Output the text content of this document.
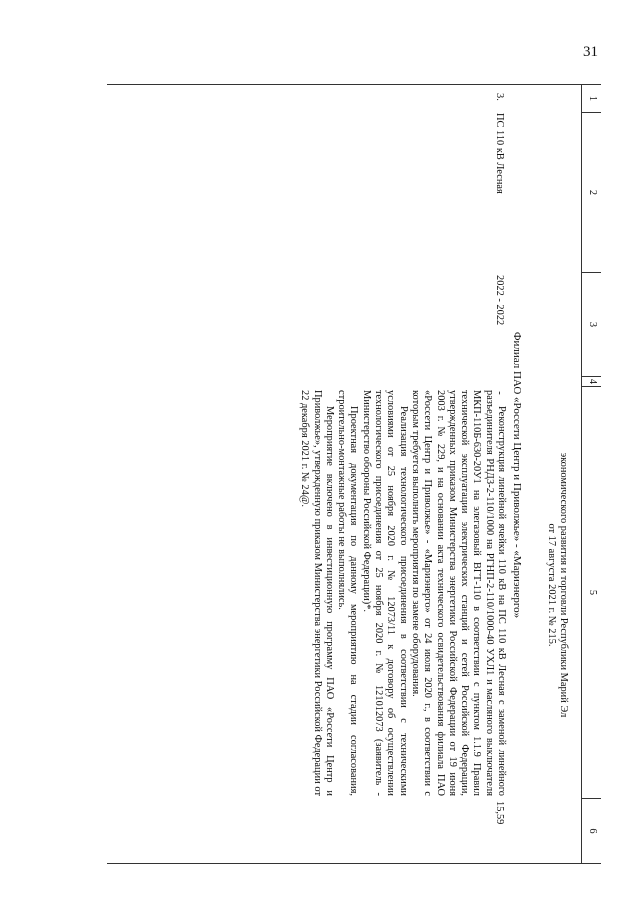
31
1
2
3
4
5
6
экономического развития и торговли Республики Марий Эл
от 17 августа 2021 г. № 215.
Филиал ПАО «Россети Центр и Приволжье» - «Мариэнерго»
3.
ПС 110 кВ Лесная
2022 - 2022
-

Реконструкция линейной ячейки 110 кВ на ПС 110 кВ Лесная с заменой линейного разъединителя РНДЗ-2-110/1000 на РГНП-2-110/1000-40 УХЛ1 и масляного выключателя МКП-110Б-630-20У1 на элегазовый ВГТ-110 в соответствии с пунктом 1.1.9 Правил технической эксплуатации электрических станций и сетей Российской Федерации, утвержденных приказом Министерства энергетики Российской Федерации от 19 июня 2003 г. № 229, и на основании акта технического освидетельствования филиала ПАО «Россети Центр и Приволжье» - «Мариэнерго» от 24 июля 2020 г., в соответствии с которым требуется выполнить мероприятия по замене оборудования.

Реализация технологического присоединения в соответствии с техническими условиями от 25 ноября 2020 г. № 12073/11 к договору об осуществлении технологического присоединения от 25 ноября 2020 г. № 121012073 (заявитель - Министерство обороны Российской Федерации)*.

Проектная документация по данному мероприятию на стадии согласования, строительно-монтажные работы не выполнялись.

Мероприятие включено в инвестиционную программу ПАО «Россети Центр и Приволжье», утвержденную приказом Министерства энергетики Российской Федерации от 22 декабря 2021 г. № 24@.

15,59
